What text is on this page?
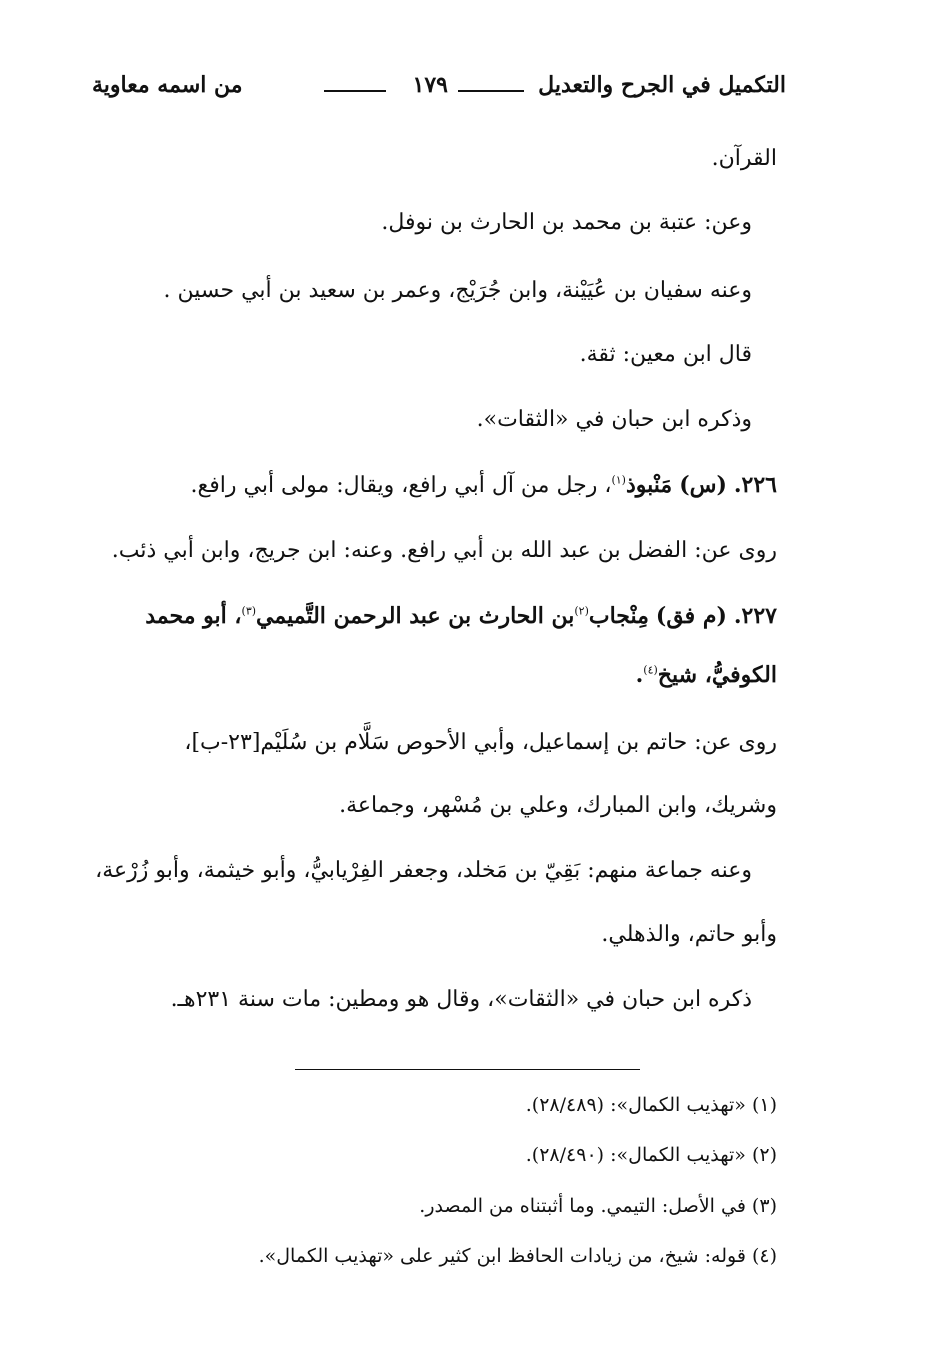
التكميل في الجرح والتعديل
١٧٩
من اسمه معاوية
القرآن.
وعن: عتبة بن محمد بن الحارث بن نوفل.
وعنه سفيان بن عُيَيْنة، وابن جُرَيْج، وعمر بن سعيد بن أبي حسين .
قال ابن معين: ثقة.
وذكره ابن حبان في «الثقات».
٢٢٦. (س) مَنْبوذ$^{(١)}$، رجل من آل أبي رافع، ويقال: مولى أبي رافع.
روى عن: الفضل بن عبد الله بن أبي رافع. وعنه: ابن جريج، وابن أبي ذئب.
٢٢٧. (م فق) مِنْجاب$^{(٢)}$بن الحارث بن عبد الرحمن التَّميمي$^{(٣)}$، أبو محمد
الكوفيُّ، شيخ$^{(٤)}$.
روى عن: حاتم بن إسماعيل، وأبي الأحوص سَلَّام بن سُلَيْم[٢٣-ب]،
وشريك، وابن المبارك، وعلي بن مُسْهر، وجماعة.
وعنه جماعة منهم: بَقِيّ بن مَخلد، وجعفر الفِرْيابيُّ، وأبو خيثمة، وأبو زُرْعة،
وأبو حاتم، والذهلي.
ذكره ابن حبان في «الثقات»، وقال هو ومطين: مات سنة ٢٣١هـ.
(١) «تهذيب الكمال»: (٢٨/٤٨٩).
(٢) «تهذيب الكمال»: (٢٨/٤٩٠).
(٣) في الأصل: التيمي. وما أثبتناه من المصدر.
(٤) قوله: شيخ، من زيادات الحافظ ابن كثير على «تهذيب الكمال».
